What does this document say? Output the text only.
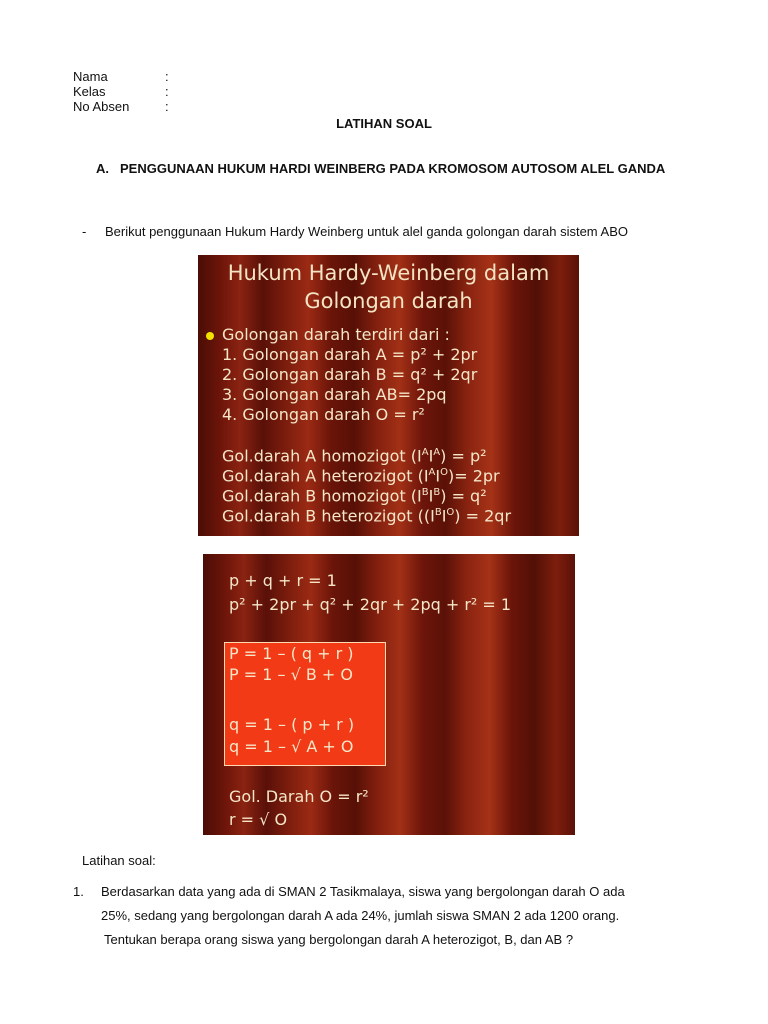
Nama	:
Kelas	:
No Absen	:
LATIHAN SOAL
A. PENGGUNAAN HUKUM HARDI WEINBERG PADA KROMOSOM AUTOSOM ALEL GANDA
- Berikut penggunaan Hukum Hardy Weinberg untuk alel ganda golongan darah sistem ABO
Hukum Hardy-Weinberg dalam
Golongan darah
Golongan darah terdiri dari :
1. Golongan darah A = p² + 2pr
2. Golongan darah B = q² + 2qr
3. Golongan darah AB= 2pq
4. Golongan darah O = r²
Gol.darah A homozigot $(I^AI^A) = p^2$
Gol.darah A heterozigot $(I^AI^O)= 2pr$
Gol.darah B homozigot $(I^BI^B) = q^2$
Gol.darah B heterozigot ($(I^BI^O) = 2qr$
p + q + r = 1
p² + 2pr + q² + 2qr + 2pq + r² = 1
P = 1 – ( q + r )
P = 1 – √ B + O
q = 1 – ( p + r )
q = 1 – √ A + O
Gol. Darah O = r²
r = √ O
Latihan soal:
1. Berdasarkan data yang ada di SMAN 2 Tasikmalaya, siswa yang bergolongan darah O ada
25%, sedang yang bergolongan darah A ada 24%, jumlah siswa SMAN 2 ada 1200 orang.
Tentukan berapa orang siswa yang bergolongan darah A heterozigot, B, dan AB ?
